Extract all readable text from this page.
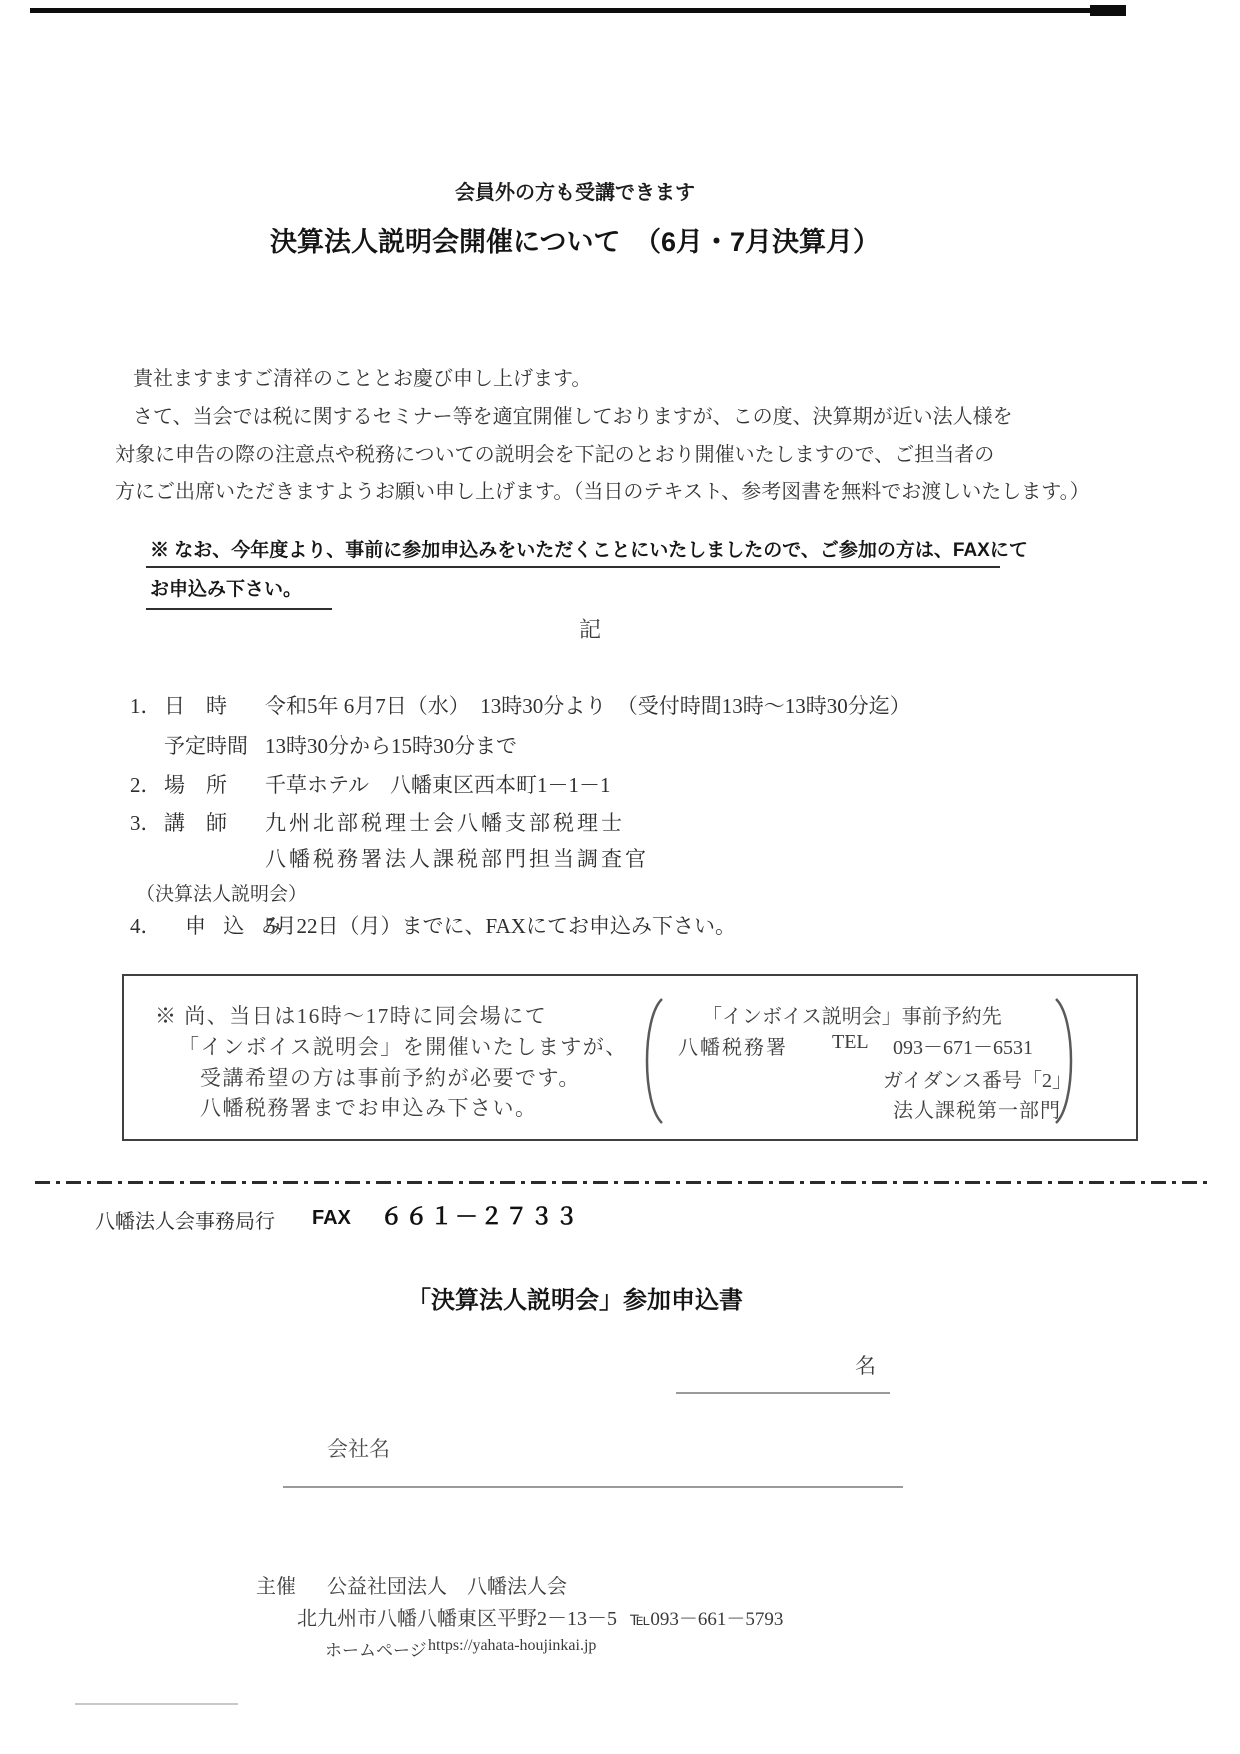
会員外の方も受講できます
決算法人説明会開催について　（6月・7月決算月）
貴社ますますご清祥のこととお慶び申し上げます。
さて、当会では税に関するセミナー等を適宜開催しておりますが、この度、決算期が近い法人様を
対象に申告の際の注意点や税務についての説明会を下記のとおり開催いたしますので、ご担当者の
方にご出席いただきますようお願い申し上げます。（当日のテキスト、参考図書を無料でお渡しいたします。）
※ なお、今年度より、事前に参加申込みをいただくことにいたしましたので、ご参加の方は、FAXにて
お申込み下さい。
記
1． 日　時 令和5年 6月7日（水）　13時30分より　（受付時間13時～13時30分迄）
予定時間 13時30分から15時30分まで
2． 場　所 千草ホテル　八幡東区西本町1－1－1
3． 講　師 九州北部税理士会八幡支部税理士
八幡税務署法人課税部門担当調査官
（決算法人説明会）
4． 申 込 み
5月22日（月）までに、FAXにてお申込み下さい。
※ 尚、当日は16時～17時に同会場にて
「インボイス説明会」を開催いたしますが、
受講希望の方は事前予約が必要です。
八幡税務署までお申込み下さい。
「インボイス説明会」事前予約先
八幡税務署 TEL 093－671－6531
ガイダンス番号「2」
法人課税第一部門
八幡法人会事務局行 FAX ６６１－２７３３
「決算法人説明会」参加申込書
名
会社名
主催 公益社団法人　八幡法人会
北九州市八幡八幡東区平野2－13－5 ℡093－661－5793
ホームページ https://yahata-houjinkai.jp
